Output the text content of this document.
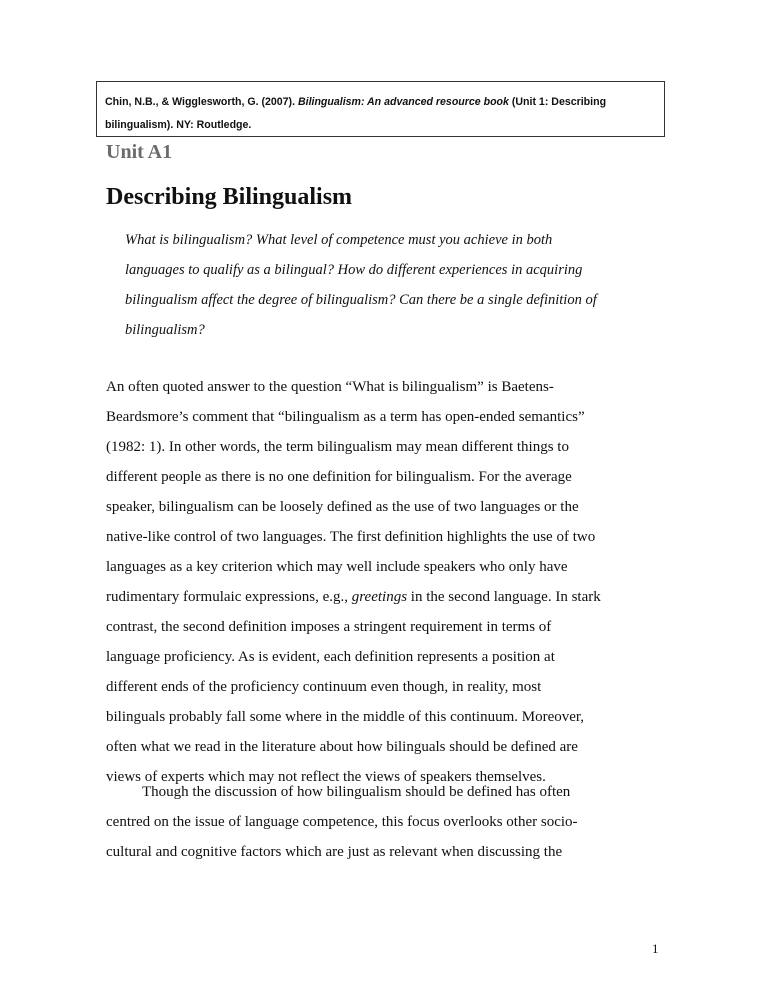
Chin, N.B., & Wigglesworth, G. (2007). Bilingualism: An advanced resource book (Unit 1: Describing
bilingualism). NY: Routledge.
Unit A1
Describing Bilingualism
What is bilingualism? What level of competence must you achieve in both
languages to qualify as a bilingual? How do different experiences in acquiring
bilingualism affect the degree of bilingualism? Can there be a single definition of
bilingualism?
An often quoted answer to the question “What is bilingualism” is Baetens-
Beardsmore’s comment that “bilingualism as a term has open-ended semantics”
(1982: 1). In other words, the term bilingualism may mean different things to
different people as there is no one definition for bilingualism. For the average
speaker, bilingualism can be loosely defined as the use of two languages or the
native-like control of two languages. The first definition highlights the use of two
languages as a key criterion which may well include speakers who only have
rudimentary formulaic expressions, e.g., greetings in the second language. In stark
contrast, the second definition imposes a stringent requirement in terms of
language proficiency. As is evident, each definition represents a position at
different ends of the proficiency continuum even though, in reality, most
bilinguals probably fall some where in the middle of this continuum. Moreover,
often what we read in the literature about how bilinguals should be defined are
views of experts which may not reflect the views of speakers themselves.
Though the discussion of how bilingualism should be defined has often
centred on the issue of language competence, this focus overlooks other socio-
cultural and cognitive factors which are just as relevant when discussing the
1
